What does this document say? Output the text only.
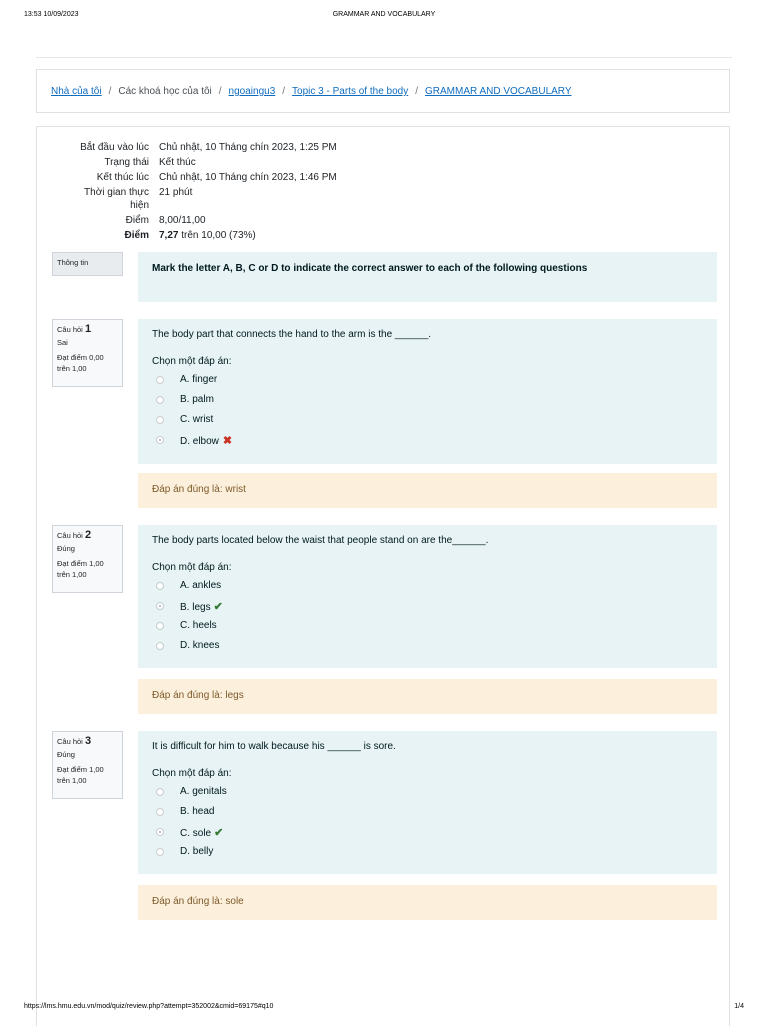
13:53 10/09/2023	GRAMMAR AND VOCABULARY
Nhà của tôi / Các khoá học của tôi / ngoaingu3 / Topic 3 - Parts of the body / GRAMMAR AND VOCABULARY
Bắt đầu vào lúc Chủ nhật, 10 Tháng chín 2023, 1:25 PM
Trạng thái Kết thúc
Kết thúc lúc Chủ nhật, 10 Tháng chín 2023, 1:46 PM
Thời gian thực
hiện
21 phút
Điểm 8,00/11,00
Điểm 7,27 trên 10,00 (73%)
Thông tin
Mark the letter A, B, C or D to indicate the correct answer to each of the following questions
Câu hỏi 1
Sai
Đạt điểm 0,00
trên 1,00
The body part that connects the hand to the arm is the ______.
Chọn một đáp án:
A. finger
B. palm
C. wrist
D. elbow ✖
Đáp án đúng là: wrist
Câu hỏi 2
Đúng
Đạt điểm 1,00
trên 1,00
The body parts located below the waist that people stand on are the______.
Chọn một đáp án:
A. ankles
B. legs ✔
C. heels
D. knees
Đáp án đúng là: legs
Câu hỏi 3
Đúng
Đạt điểm 1,00
trên 1,00
It is difficult for him to walk because his ______ is sore.
Chọn một đáp án:
A. genitals
B. head
C. sole ✔
D. belly
Đáp án đúng là: sole
https://lms.hmu.edu.vn/mod/quiz/review.php?attempt=352002&cmid=69175#q10	1/4
